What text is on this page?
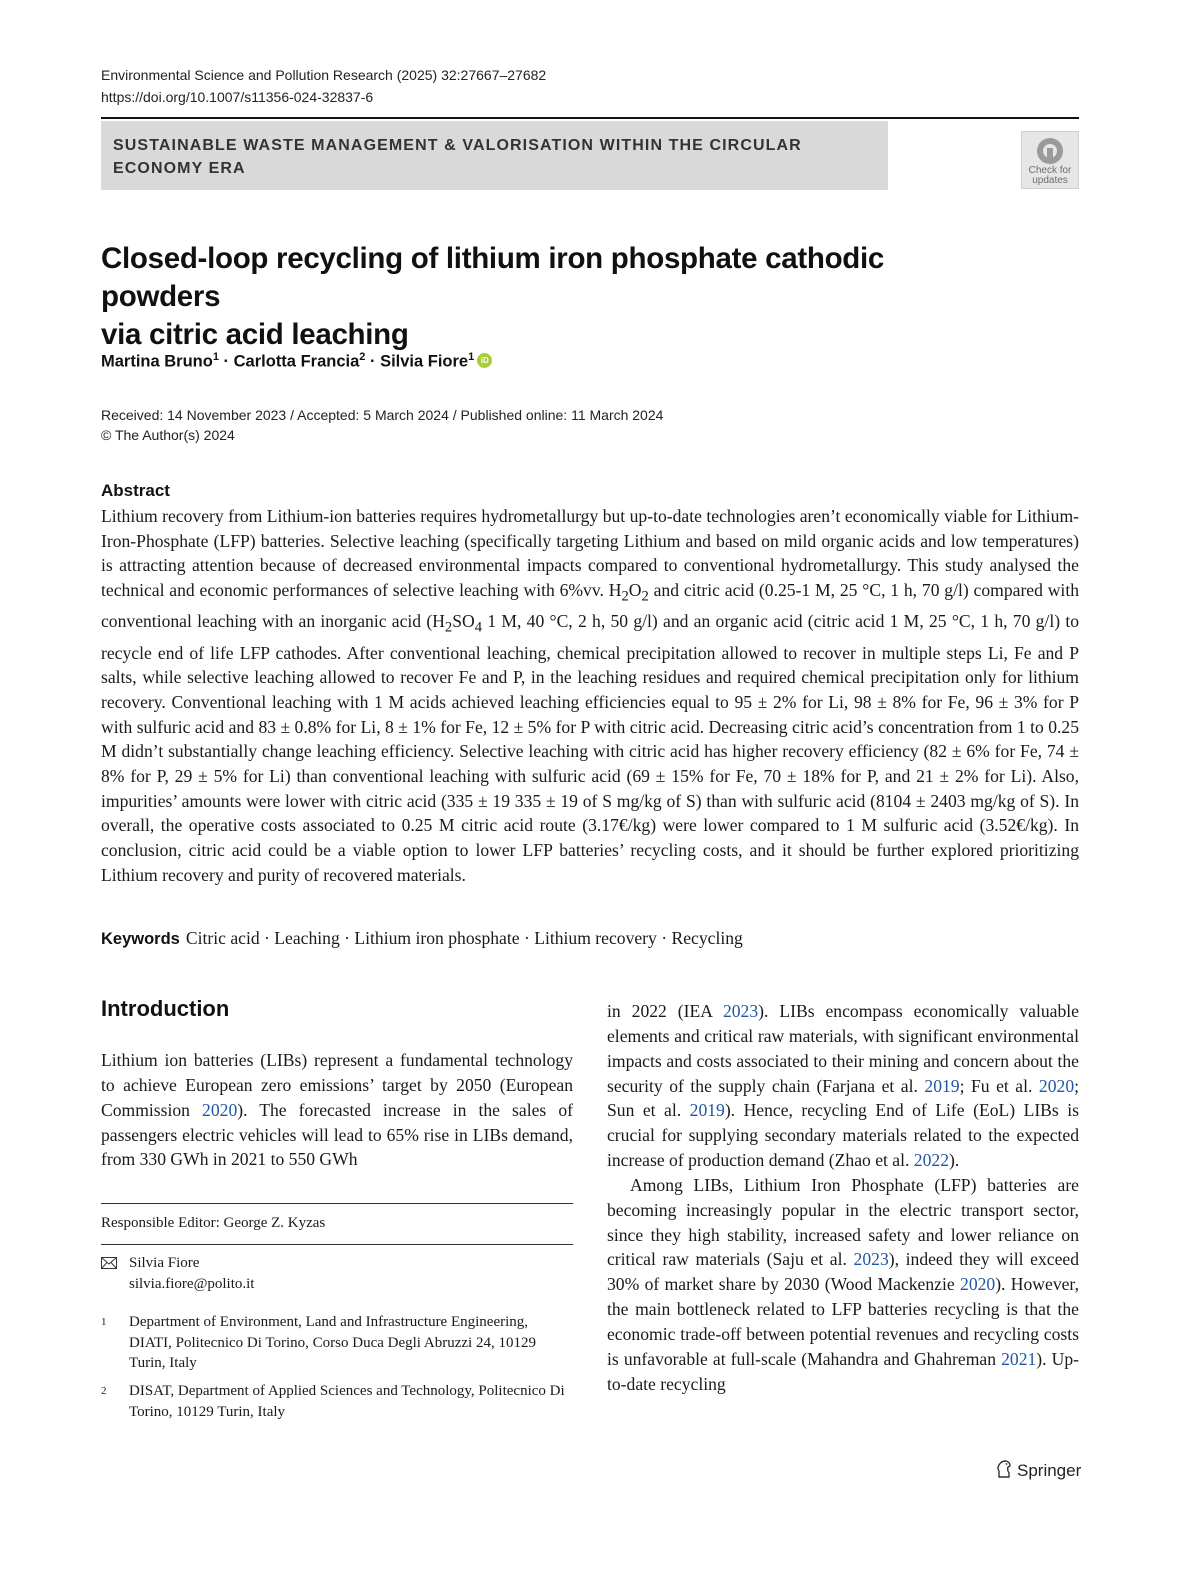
Environmental Science and Pollution Research (2025) 32:27667–27682
https://doi.org/10.1007/s11356-024-32837-6
SUSTAINABLE WASTE MANAGEMENT & VALORISATION WITHIN THE CIRCULAR
ECONOMY ERA	Check for
updates
Closed-loop recycling of lithium iron phosphate cathodic powders
via citric acid leaching
Martina Bruno$^1$ · Carlotta Francia$^2$ · Silvia Fiore$^1$ iD
Received: 14 November 2023 / Accepted: 5 March 2024 / Published online: 11 March 2024
© The Author(s) 2024
Abstract
Lithium recovery from Lithium-ion batteries requires hydrometallurgy but up-to-date technologies aren’t economically viable for Lithium-Iron-Phosphate (LFP) batteries. Selective leaching (specifically targeting Lithium and based on mild organic acids and low temperatures) is attracting attention because of decreased environmental impacts compared to conventional hydrometallurgy. This study analysed the technical and economic performances of selective leaching with 6%vv. $H_2O_2$ and citric acid (0.25-1 M, 25 °C, 1 h, 70 g/l) compared with conventional leaching with an inorganic acid ($H_2SO_4$ 1 M, 40 °C, 2 h, 50 g/l) and an organic acid (citric acid 1 M, 25 °C, 1 h, 70 g/l) to recycle end of life LFP cathodes. After conventional leaching, chemical precipitation allowed to recover in multiple steps Li, Fe and P salts, while selective leaching allowed to recover Fe and P, in the leaching residues and required chemical precipitation only for lithium recovery. Conventional leaching with 1 M acids achieved leaching efficiencies equal to 95 ± 2% for Li, 98 ± 8% for Fe, 96 ± 3% for P with sulfuric acid and 83 ± 0.8% for Li, 8 ± 1% for Fe, 12 ± 5% for P with citric acid. Decreasing citric acid’s concentration from 1 to 0.25 M didn’t substantially change leaching efficiency. Selective leaching with citric acid has higher recovery efficiency (82 ± 6% for Fe, 74 ± 8% for P, 29 ± 5% for Li) than conventional leaching with sulfuric acid (69 ± 15% for Fe, 70 ± 18% for P, and 21 ± 2% for Li). Also, impurities’ amounts were lower with citric acid (335 ± 19 335 ± 19 of S mg/kg of S) than with sulfuric acid (8104 ± 2403 mg/kg of S). In overall, the operative costs associated to 0.25 M citric acid route (3.17€/kg) were lower compared to 1 M sulfuric acid (3.52€/kg). In conclusion, citric acid could be a viable option to lower LFP batteries’ recycling costs, and it should be further explored prioritizing Lithium recovery and purity of recovered materials.
Keywords Citric acid · Leaching · Lithium iron phosphate · Lithium recovery · Recycling
Introduction

Lithium ion batteries (LIBs) represent a fundamental technology to achieve European zero emissions’ target by 2050 (European Commission 2020). The forecasted increase in the sales of passengers electric vehicles will lead to 65% rise in LIBs demand, from 330 GWh in 2021 to 550 GWh

in 2022 (IEA 2023). LIBs encompass economically valuable elements and critical raw materials, with significant environmental impacts and costs associated to their mining and concern about the security of the supply chain (Farjana et al. 2019; Fu et al. 2020; Sun et al. 2019). Hence, recycling End of Life (EoL) LIBs is crucial for supplying secondary materials related to the expected increase of production demand (Zhao et al. 2022).

Among LIBs, Lithium Iron Phosphate (LFP) batteries are becoming increasingly popular in the electric transport sector, since they high stability, increased safety and lower reliance on critical raw materials (Saju et al. 2023), indeed they will exceed 30% of market share by 2030 (Wood Mackenzie 2020). However, the main bottleneck related to LFP batteries recycling is that the economic trade-off between potential revenues and recycling costs is unfavorable at full-scale (Mahandra and Ghahreman 2021). Up-to-date recycling

Responsible Editor: George Z. Kyzas
Silvia Fiore
silvia.fiore@polito.it
1 Department of Environment, Land and Infrastructure Engineering, DIATI, Politecnico Di Torino, Corso Duca Degli Abruzzi 24, 10129 Turin, Italy
2 DISAT, Department of Applied Sciences and Technology, Politecnico Di Torino, 10129 Turin, Italy
Springer
